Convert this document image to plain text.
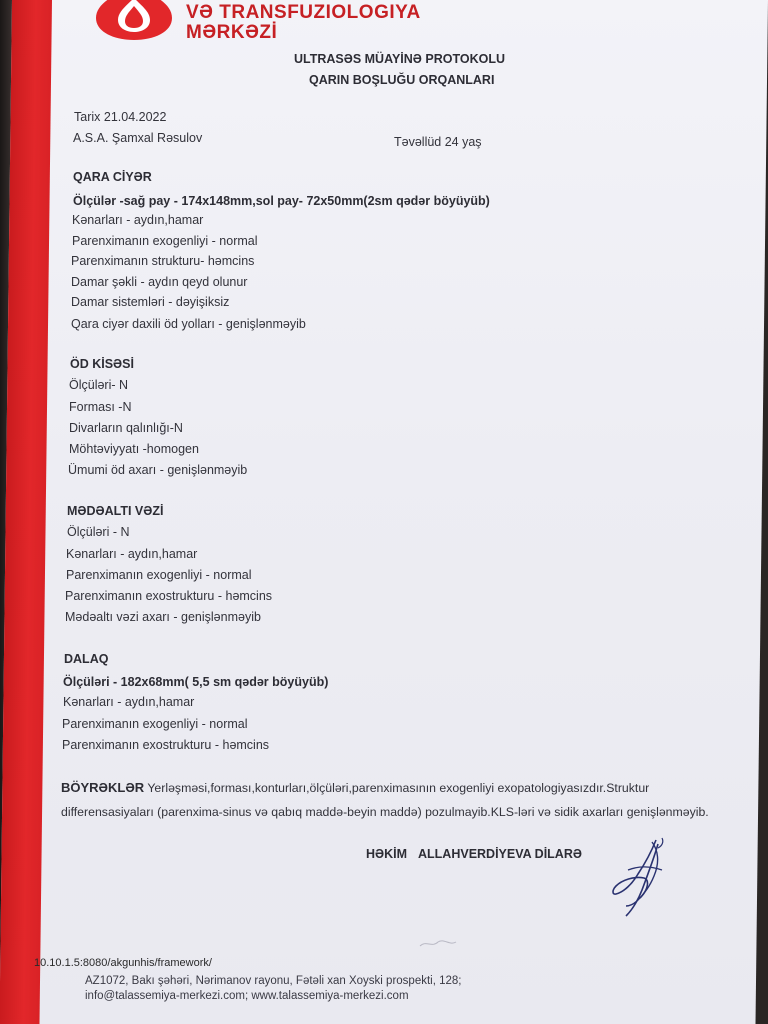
VƏ TRANSFUZIOLOGIYA
MƏRKƏZİ
ULTRASƏS MÜAYİNƏ PROTOKOLU
QARIN BOŞLUĞU ORQANLARI
Tarix 21.04.2022
A.S.A. Şamxal Rəsulov	Təvəllüd 24 yaş
QARA CİYƏR
Ölçülər -sağ pay - 174x148mm,sol pay- 72x50mm(2sm qədər böyüyüb)
Kənarları - aydın,hamar
Parenximanın exogenliyi - normal
Parenximanın strukturu- həmcins
Damar şəkli - aydın qeyd olunur
Damar sistemləri - dəyişiksiz
Qara ciyər daxili öd yolları - genişlənməyib
ÖD KİSƏSİ
Ölçüləri- N
Forması -N
Divarların qalınlığı-N
Möhtəviyyatı -homogen
Ümumi öd axarı - genişlənməyib
MƏDƏALTI VƏZİ
Ölçüləri - N
Kənarları - aydın,hamar
Parenximanın exogenliyi - normal
Parenximanın exostrukturu - həmcins
Mədəaltı vəzi axarı - genişlənməyib
DALAQ
Ölçüləri - 182x68mm( 5,5 sm qədər böyüyüb)
Kənarları - aydın,hamar
Parenximanın exogenliyi - normal
Parenximanın exostrukturu - həmcins
BÖYRƏKLƏR Yerləşməsi,forması,konturları,ölçüləri,parenximasının exogenliyi exopatologiyasızdır.Struktur
differensasiyaları (parenxima-sinus və qabıq maddə-beyin maddə) pozulmayib.KLS-ləri və sidik axarları genişlənməyib.
HƏKİM ALLAHVERDİYEVA DİLARƏ
10.10.1.5:8080/akgunhis/framework/
AZ1072, Bakı şəhəri, Nərimanov rayonu, Fətəli xan Xoyski prospekti, 128;
info@talassemiya-merkezi.com; www.talassemiya-merkezi.com
